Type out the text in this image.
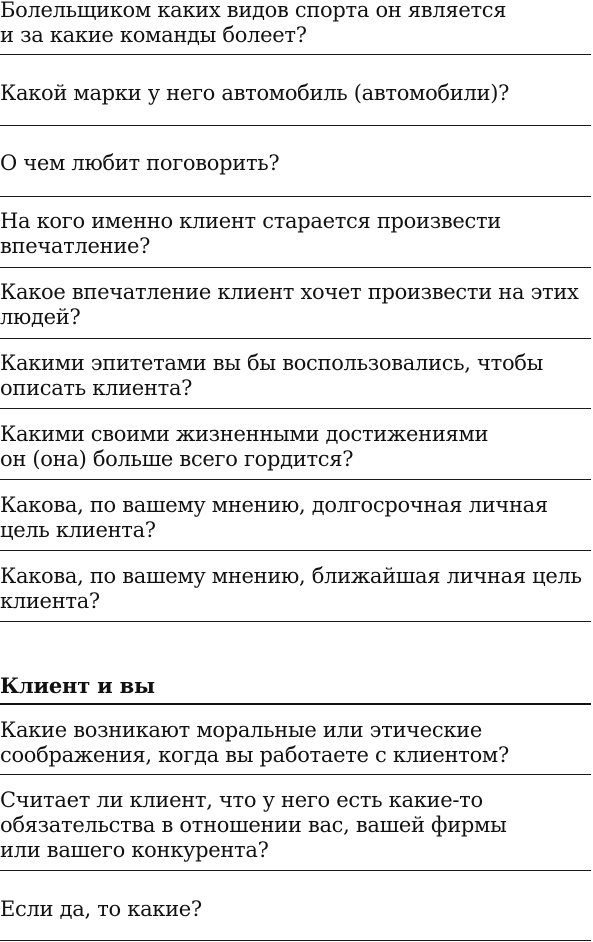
Болельщиком каких видов спорта он является
и за какие команды болеет?
Какой марки у него автомобиль (автомобили)?
О чем любит поговорить?
На кого именно клиент старается произвести
впечатление?
Какое впечатление клиент хочет произвести на этих
людей?
Какими эпитетами вы бы воспользовались, чтобы
описать клиента?
Какими своими жизненными достижениями
он (она) больше всего гордится?
Какова, по вашему мнению, долгосрочная личная
цель клиента?
Какова, по вашему мнению, ближайшая личная цель
клиента?
Клиент и вы
Какие возникают моральные или этические
соображения, когда вы работаете с клиентом?
Считает ли клиент, что у него есть какие-то
обязательства в отношении вас, вашей фирмы
или вашего конкурента?
Если да, то какие?
